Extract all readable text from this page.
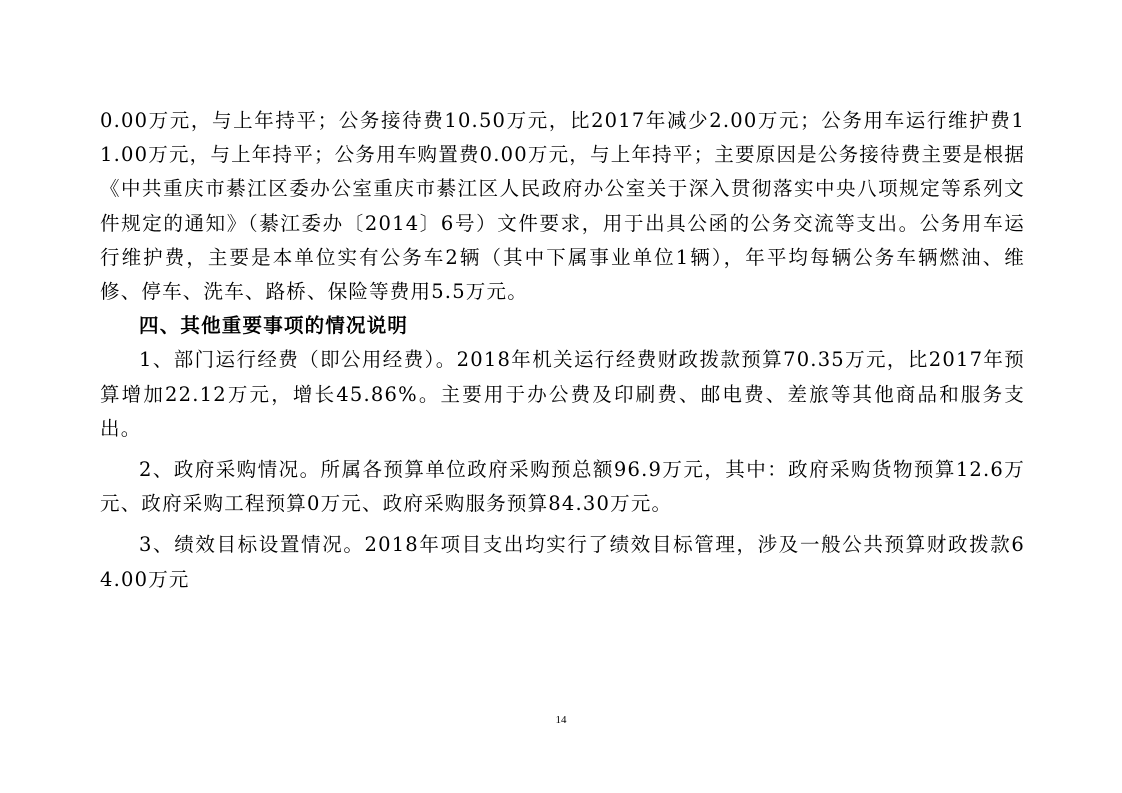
0.00万元，与上年持平；公务接待费10.50万元，比2017年减少2.00万元；公务用车运行维护费11.00万元，与上年持平；公务用车购置费0.00万元，与上年持平；主要原因是公务接待费主要是根据《中共重庆市綦江区委办公室重庆市綦江区人民政府办公室关于深入贯彻落实中央八项规定等系列文件规定的通知》（綦江委办〔2014〕6号）文件要求，用于出具公函的公务交流等支出。公务用车运行维护费，主要是本单位实有公务车2辆（其中下属事业单位1辆），年平均每辆公务车辆燃油、维修、停车、洗车、路桥、保险等费用5.5万元。

四、其他重要事项的情况说明

1、部门运行经费（即公用经费）。2018年机关运行经费财政拨款预算70.35万元，比2017年预算增加22.12万元，增长45.86%。主要用于办公费及印刷费、邮电费、差旅等其他商品和服务支出。

2、政府采购情况。所属各预算单位政府采购预总额96.9万元，其中：政府采购货物预算12.6万元、政府采购工程预算0万元、政府采购服务预算84.30万元。

3、绩效目标设置情况。2018年项目支出均实行了绩效目标管理，涉及一般公共预算财政拨款64.00万元

14
